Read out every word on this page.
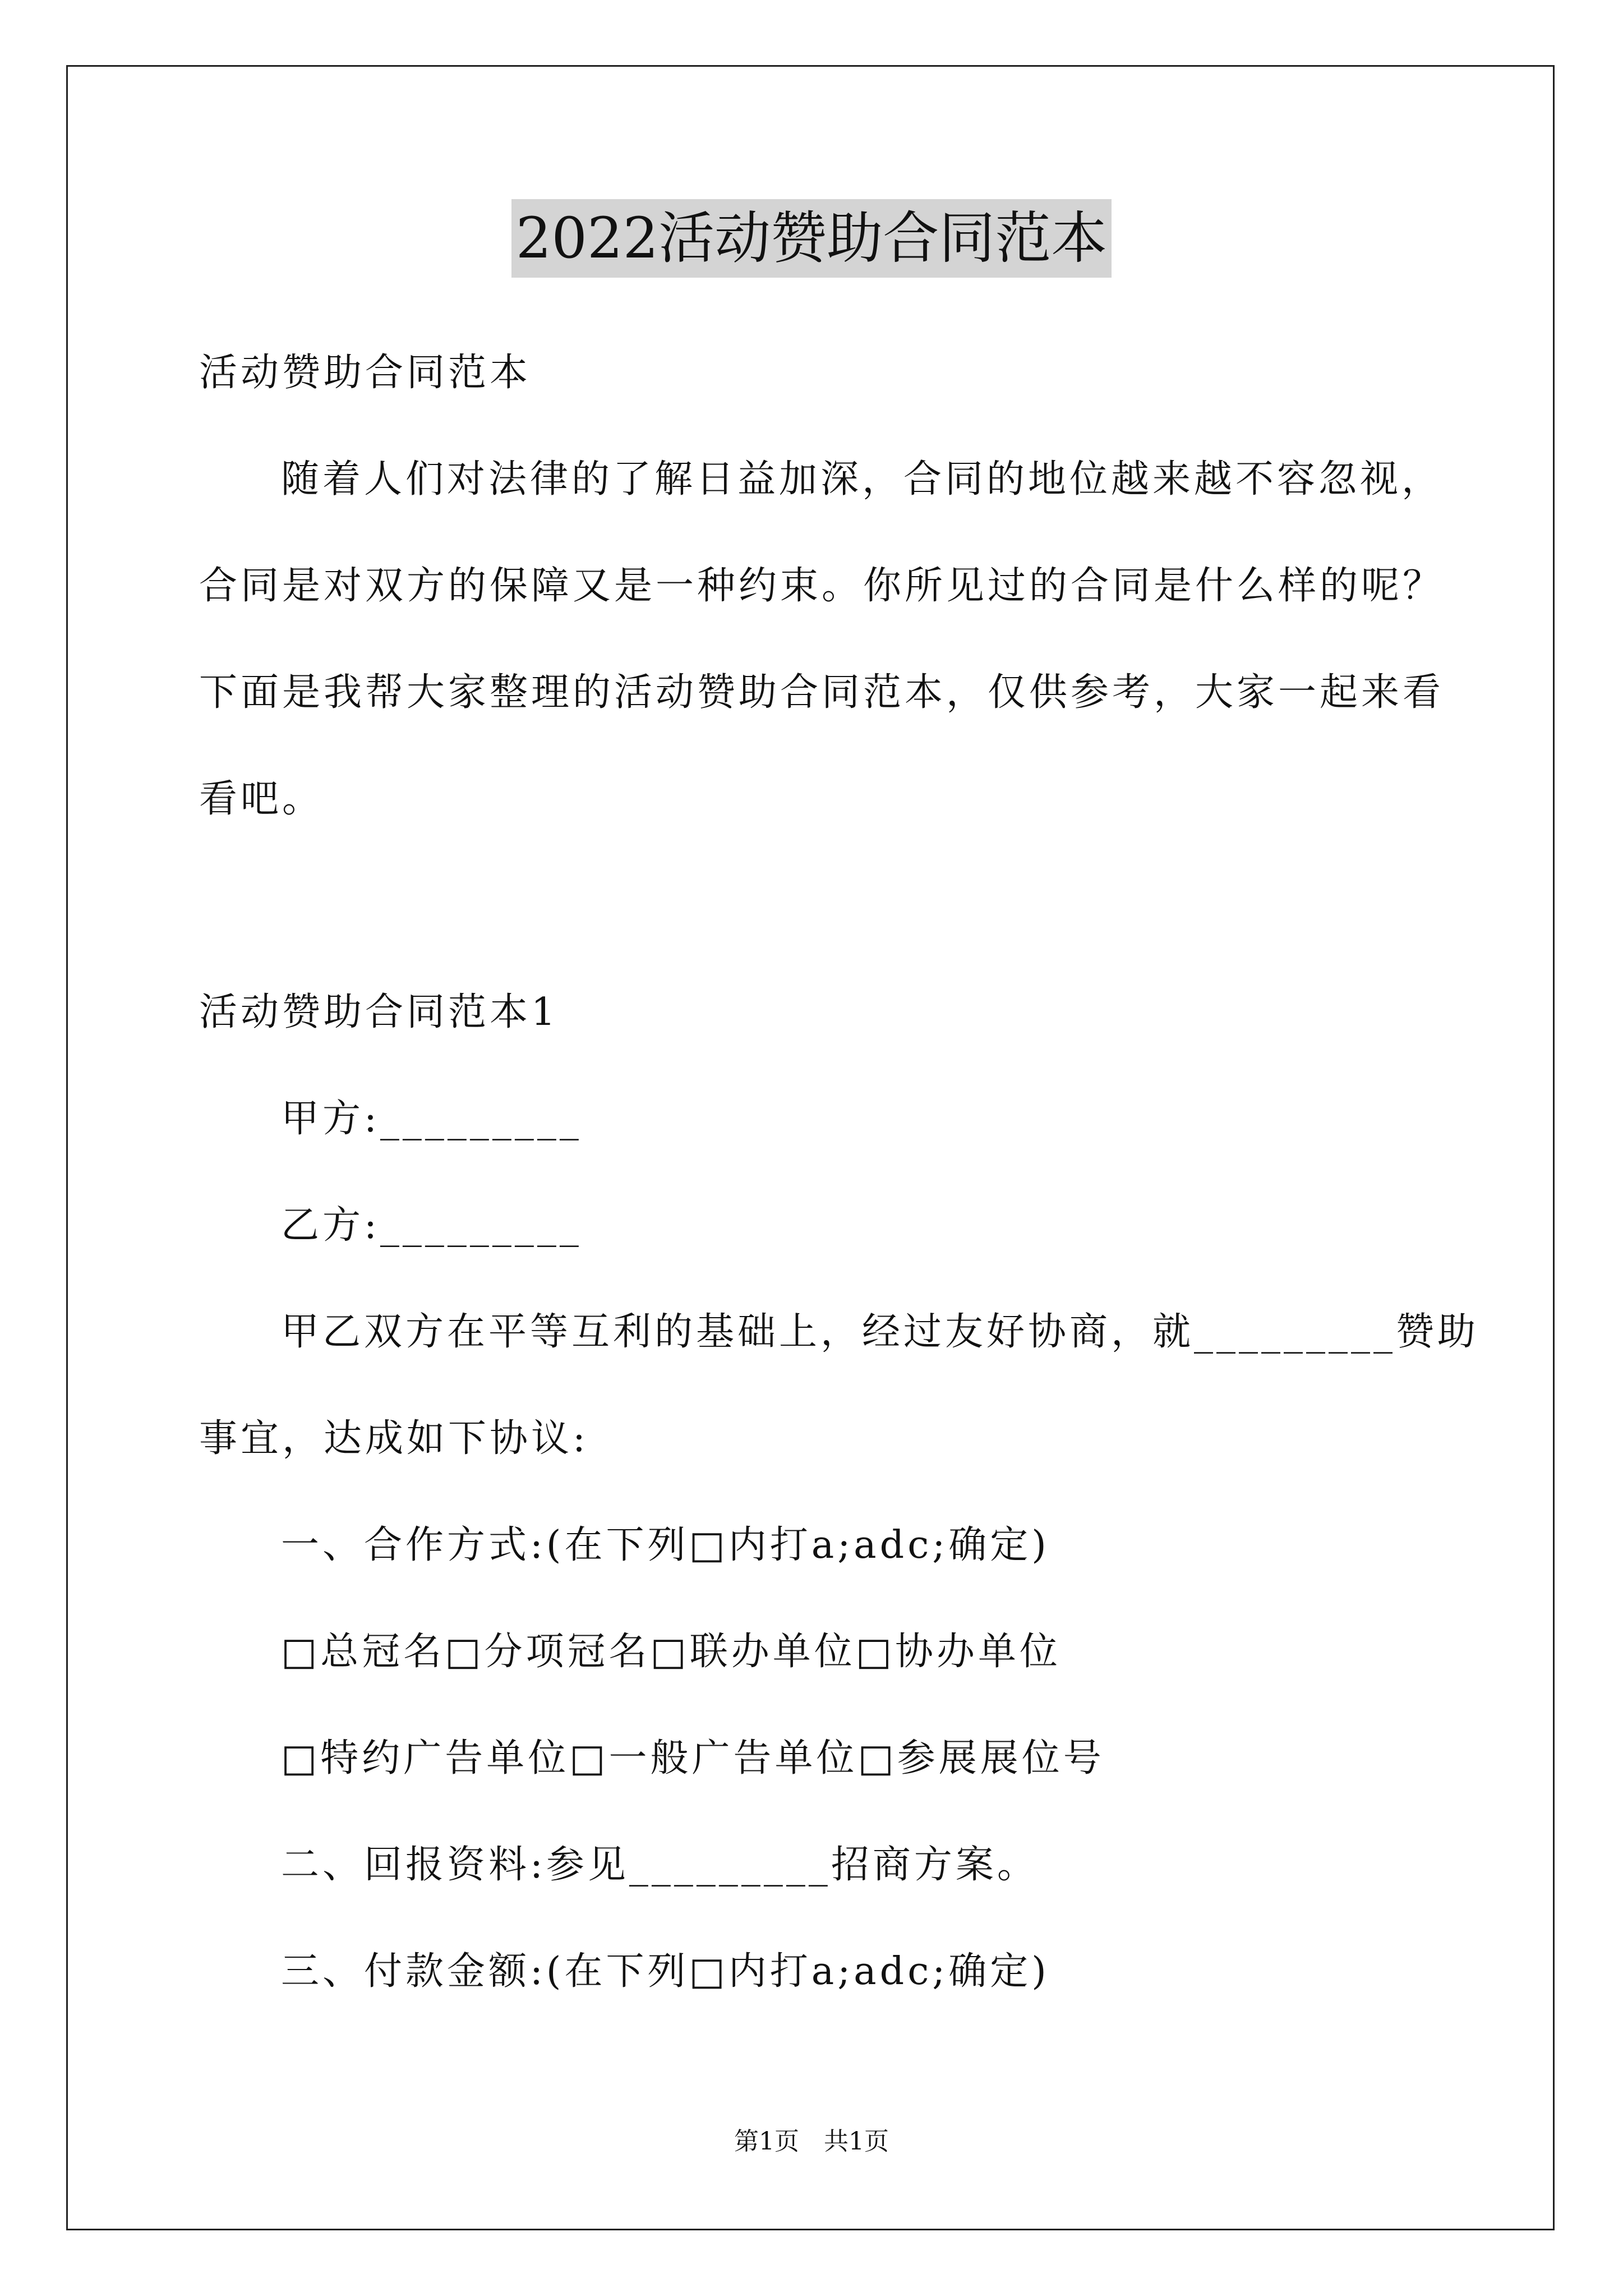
2022活动赞助合同范本

活动赞助合同范本

随着人们对法律的了解日益加深，合同的地位越来越不容忽视，

合同是对双方的保障又是一种约束。你所见过的合同是什么样的呢？

下面是我帮大家整理的活动赞助合同范本，仅供参考，大家一起来看

看吧。

活动赞助合同范本1

甲方:_________

乙方:_________

甲乙双方在平等互利的基础上，经过友好协商，就_________赞助

事宜，达成如下协议:

一、合作方式:(在下列□内打a;adc;确定)

□总冠名□分项冠名□联办单位□协办单位

□特约广告单位□一般广告单位□参展展位号

二、回报资料:参见_________招商方案。

三、付款金额:(在下列□内打a;adc;确定)

第1页　共1页
